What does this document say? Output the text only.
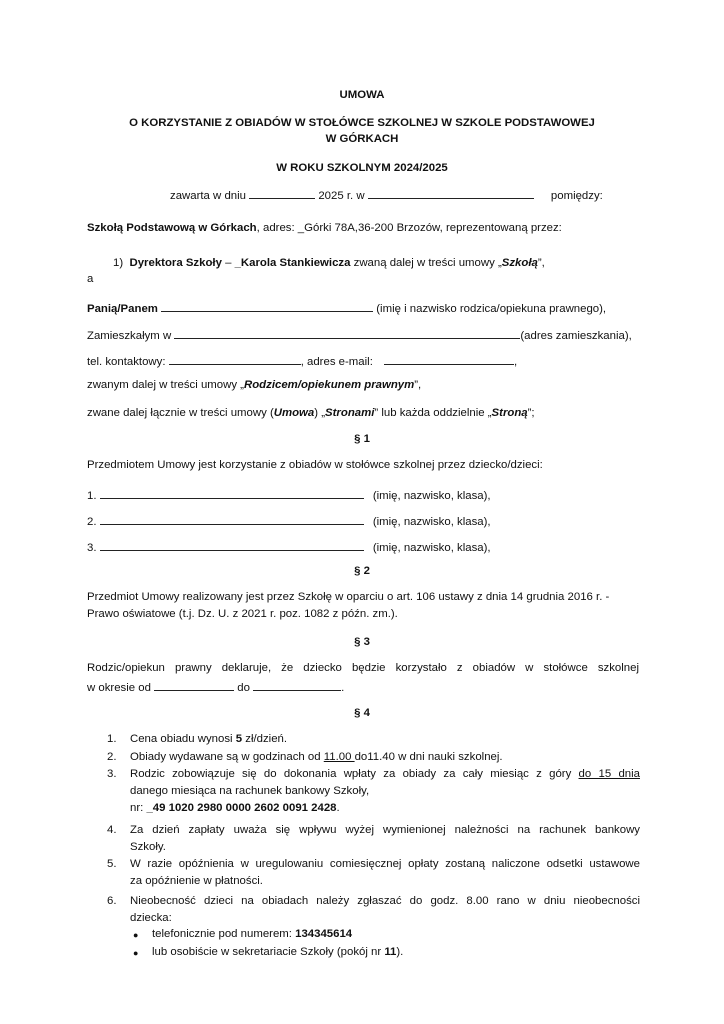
UMOWA
O KORZYSTANIE Z OBIADÓW W STOŁÓWCE SZKOLNEJ W SZKOLE PODSTAWOWEJ
W GÓRKACH
W ROKU SZKOLNYM 2024/2025
zawarta w dniu	2025 r. w	pomiędzy:
Szkołą Podstawową w Górkach, adres: _Górki 78A,36-200 Brzozów, reprezentowaną przez:
1) Dyrektora Szkoły – _Karola Stankiewicza zwaną dalej w treści umowy „Szkołą”,
a
Panią/Panem	(imię i nazwisko rodzica/opiekuna prawnego),
Zamieszkałym w	(adres zamieszkania),
tel. kontaktowy:	, adres e-mail:	,
zwanym dalej w treści umowy „Rodzicem/opiekunem prawnym”,
zwane dalej łącznie w treści umowy (Umowa) „Stronami” lub każda oddzielnie „Stroną”;
§ 1
Przedmiotem Umowy jest korzystanie z obiadów w stołówce szkolnej przez dziecko/dzieci:
1.	(imię, nazwisko, klasa),
2.	(imię, nazwisko, klasa),
3.	(imię, nazwisko, klasa),
§ 2
Przedmiot Umowy realizowany jest przez Szkołę w oparciu o art. 106 ustawy z dnia 14 grudnia 2016 r. -
Prawo oświatowe (t.j. Dz. U. z 2021 r. poz. 1082 z późn. zm.).
§ 3
Rodzic/opiekun prawny deklaruje, że dziecko będzie korzystało z obiadów w stołówce szkolnej
w okresie od	do	.
§ 4
1. Cena obiadu wynosi 5 zł/dzień.
2. Obiady wydawane są w godzinach od 11.00 do11.40 w dni nauki szkolnej.
3. Rodzic zobowiązuje się do dokonania wpłaty za obiady za cały miesiąc z góry do 15 dnia
danego miesiąca na rachunek bankowy Szkoły,
nr: _49 1020 2980 0000 2602 0091 2428.
4. Za dzień zapłaty uważa się wpływu wyżej wymienionej należności na rachunek bankowy
Szkoły.
5. W razie opóźnienia w uregulowaniu comiesięcznej opłaty zostaną naliczone odsetki ustawowe
za opóźnienie w płatności.
6. Nieobecność dzieci na obiadach należy zgłaszać do godz. 8.00 rano w dniu nieobecności
dziecka:
● telefonicznie pod numerem: 134345614
● lub osobiście w sekretariacie Szkoły (pokój nr 11).
